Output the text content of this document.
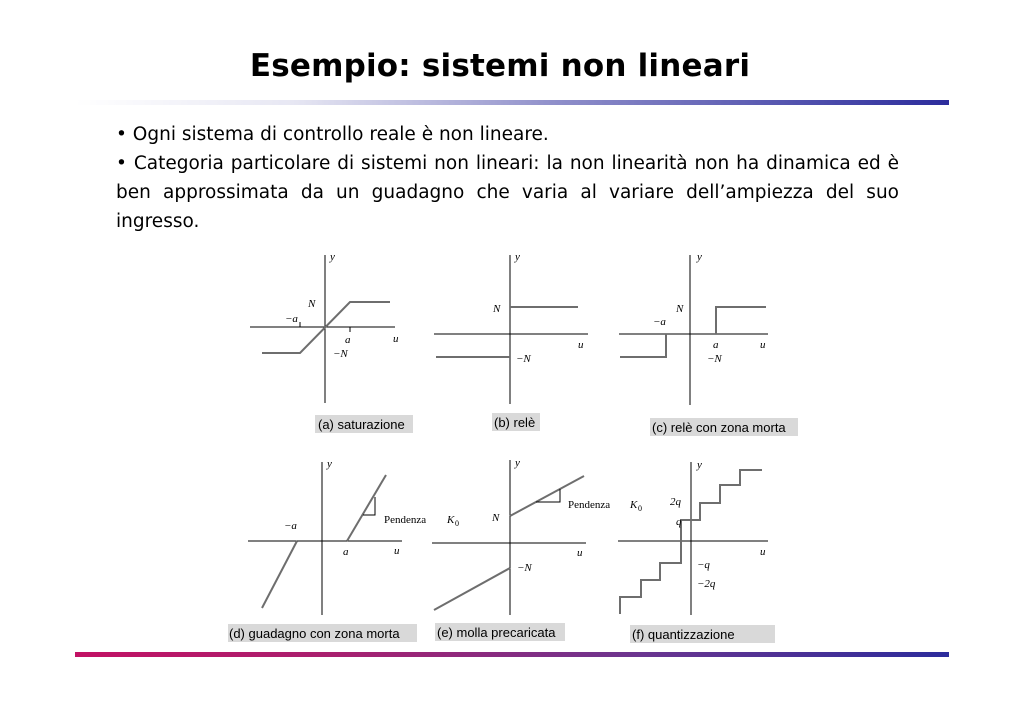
Esempio: sistemi non lineari

• Ogni sistema di controllo reale è non lineare.

• Categoria particolare di sistemi non lineari: la non linearità non ha dinamica ed è ben approssimata da un guadagno che varia al variare dell’ampiezza del suo ingresso.

y
u
N
−a
a
−N
(a) saturazione
y
u
N
−N
(b) relè
y
u
N
−a
a
−N
(c) relè con zona morta
y
u
−a
a
Pendenza K 0
(d) guadagno con zona morta
y
u
N
−N
Pendenza K 0
(e) molla precaricata
y
u
2q
q
−q
−2q
(f) quantizzazione
